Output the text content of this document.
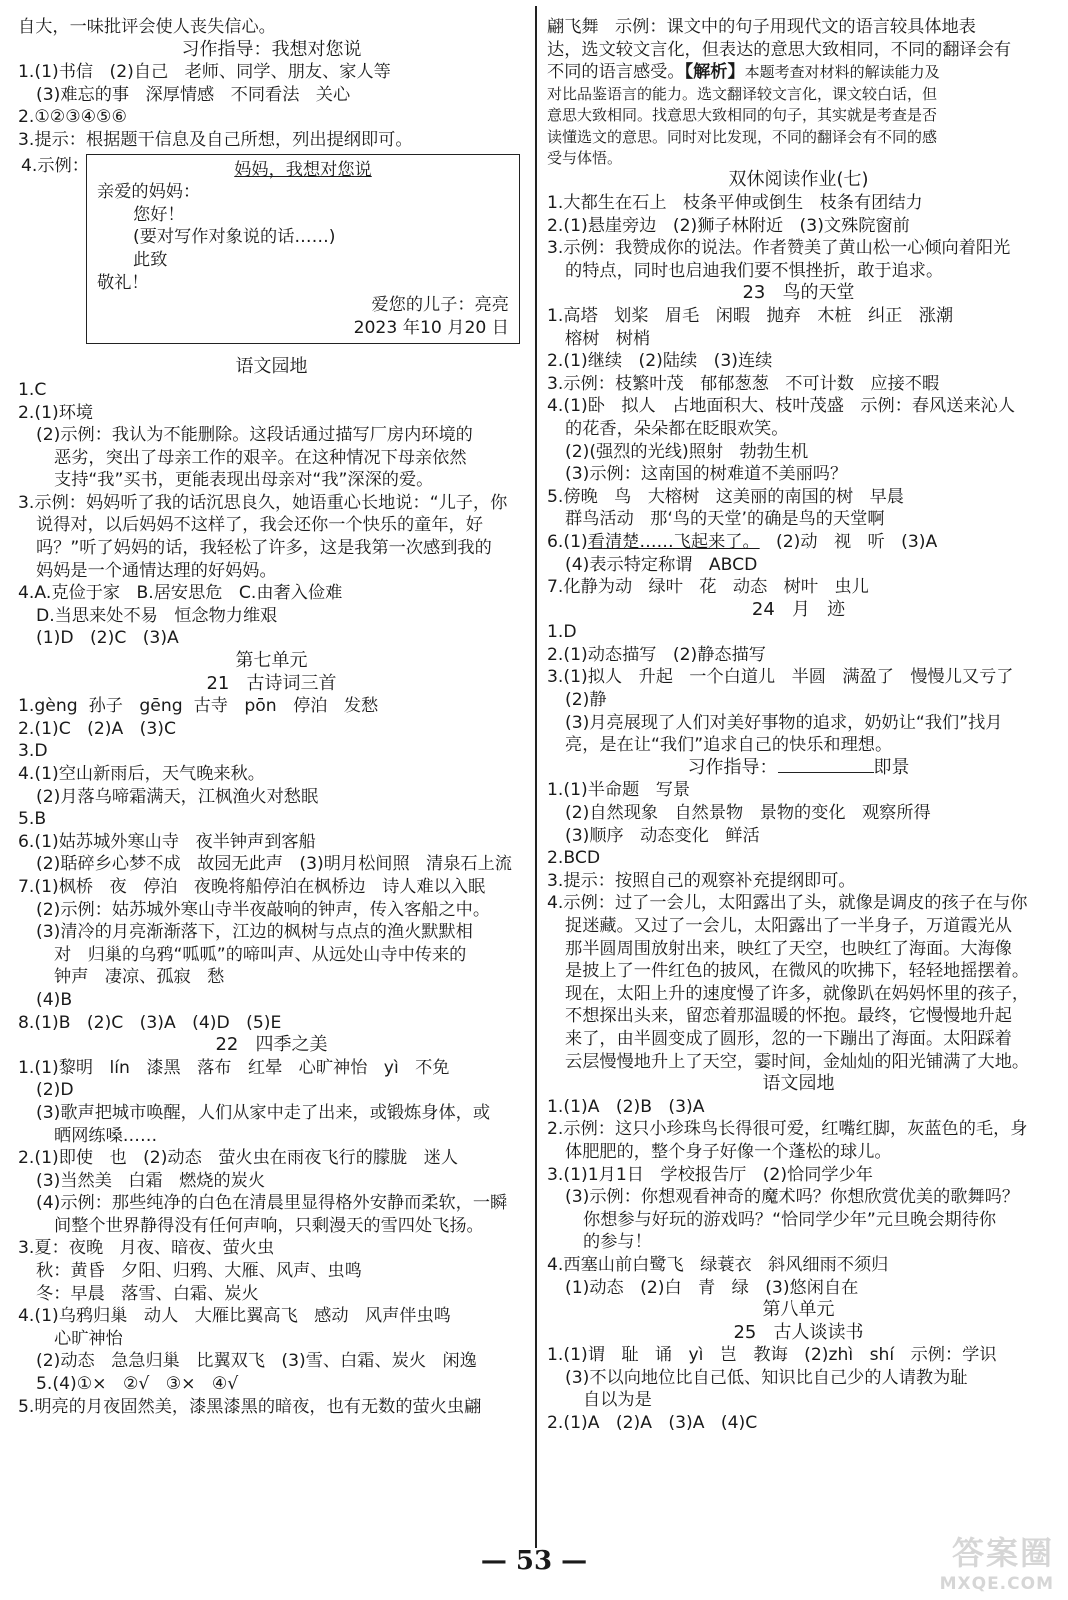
自大，一味批评会使人丧失信心。
习作指导：我想对您说
1.(1)书信   (2)自己   老师、同学、朋友、家人等
(3)难忘的事   深厚情感   不同看法   关心
2.①②③④⑤⑥
3.提示：根据题干信息及自己所想，列出提纲即可。
4.示例：	妈妈，我想对您说
亲爱的妈妈：
您好！
(要对写作对象说的话……)
此致
敬礼！
爱您的儿子：亮亮
2023 年10 月20 日
语文园地
1.C
2.(1)环境
(2)示例：我认为不能删除。这段话通过描写厂房内环境的
恶劣，突出了母亲工作的艰辛。在这种情况下母亲依然
支持“我”买书，更能表现出母亲对“我”深深的爱。
3.示例：妈妈听了我的话沉思良久，她语重心长地说：“儿子，你
说得对，以后妈妈不这样了，我会还你一个快乐的童年，好
吗？”听了妈妈的话，我轻松了许多，这是我第一次感到我的
妈妈是一个通情达理的好妈妈。
4.A.克俭于家   B.居安思危   C.由奢入俭难
D.当思来处不易   恒念物力维艰
(1)D   (2)C   (3)A
第七单元
21   古诗词三首
1.gèng  孙子   gēng  古寺   pōn   停泊   发愁
2.(1)C   (2)A   (3)C
3.D
4.(1)空山新雨后，天气晚来秋。
(2)月落乌啼霜满天，江枫渔火对愁眠
5.B
6.(1)姑苏城外寒山寺   夜半钟声到客船
(2)聒碎乡心梦不成   故园无此声   (3)明月松间照   清泉石上流
7.(1)枫桥   夜   停泊   夜晚将船停泊在枫桥边   诗人难以入眠
(2)示例：姑苏城外寒山寺半夜敲响的钟声，传入客船之中。
(3)清冷的月亮渐渐落下，江边的枫树与点点的渔火默默相
对   归巢的乌鸦“呱呱”的啼叫声、从远处山寺中传来的
钟声   凄凉、孤寂   愁
(4)B
8.(1)B   (2)C   (3)A   (4)D   (5)E
22   四季之美
1.(1)黎明   lín   漆黑   落布   红晕   心旷神怡   yì   不免
(2)D
(3)歌声把城市唤醒，人们从家中走了出来，或锻炼身体，或
晒网练嗓……
2.(1)即使   也   (2)动态   萤火虫在雨夜飞行的朦胧   迷人
(3)当然美   白霜   燃烧的炭火
(4)示例：那些纯净的白色在清晨里显得格外安静而柔软，一瞬
间整个世界静得没有任何声响，只剩漫天的雪四处飞扬。
3.夏：夜晚   月夜、暗夜、萤火虫
秋：黄昏   夕阳、归鸦、大雁、风声、虫鸣
冬：早晨   落雪、白霜、炭火
4.(1)乌鸦归巢   动人   大雁比翼高飞   感动   风声伴虫鸣
心旷神怡
(2)动态   急急归巢   比翼双飞   (3)雪、白霜、炭火   闲逸
5.(4)①×   ②√   ③×   ④√
5.明亮的月夜固然美，漆黑漆黑的暗夜，也有无数的萤火虫翩
翩飞舞   示例：课文中的句子用现代文的语言较具体地表
达，选文较文言化，但表达的意思大致相同，不同的翻译会有
不同的语言感受。【解析】本题考查对材料的解读能力及
对比品鉴语言的能力。选文翻译较文言化，课文较白话，但
意思大致相同。找意思大致相同的句子，其实就是考查是否
读懂选文的意思。同时对比发现，不同的翻译会有不同的感
受与体悟。
双休阅读作业(七)
1.大都生在石上   枝条平伸或倒生   枝条有团结力
2.(1)悬崖旁边   (2)狮子林附近   (3)文殊院窗前
3.示例：我赞成你的说法。作者赞美了黄山松一心倾向着阳光
的特点，同时也启迪我们要不惧挫折，敢于追求。
23   鸟的天堂
1.高塔   划桨   眉毛   闲暇   抛弃   木桩   纠正   涨潮
榕树   树梢
2.(1)继续   (2)陆续   (3)连续
3.示例：枝繁叶茂   郁郁葱葱   不可计数   应接不暇
4.(1)卧   拟人   占地面积大、枝叶茂盛   示例：春风送来沁人
的花香，朵朵都在眨眼欢笑。
(2)(强烈的光线)照射   勃勃生机
(3)示例：这南国的树难道不美丽吗？
5.傍晚   鸟   大榕树   这美丽的南国的树   早晨
群鸟活动   那‘鸟的天堂’的确是鸟的天堂啊
6.(1)看清楚……飞起来了。   (2)动   视   听   (3)A
(4)表示特定称谓   ABCD
7.化静为动   绿叶   花   动态   树叶   虫儿
24   月   迹
1.D
2.(1)动态描写   (2)静态描写
3.(1)拟人   升起   一个白道儿   半圆   满盈了   慢慢儿又亏了
(2)静
(3)月亮展现了人们对美好事物的追求，奶奶让“我们”找月
亮，是在让“我们”追求自己的快乐和理想。
习作指导：	即景
1.(1)半命题   写景
(2)自然现象   自然景物   景物的变化   观察所得
(3)顺序   动态变化   鲜活
2.BCD
3.提示：按照自己的观察补充提纲即可。
4.示例：过了一会儿，太阳露出了头，就像是调皮的孩子在与你
捉迷藏。又过了一会儿，太阳露出了一半身子，万道霞光从
那半圆周围放射出来，映红了天空，也映红了海面。大海像
是披上了一件红色的披风，在微风的吹拂下，轻轻地摇摆着。
现在，太阳上升的速度慢了许多，就像趴在妈妈怀里的孩子，
不想探出头来，留恋着那温暖的怀抱。最终，它慢慢地升起
来了，由半圆变成了圆形，忽的一下蹦出了海面。太阳踩着
云层慢慢地升上了天空，霎时间，金灿灿的阳光铺满了大地。
语文园地
1.(1)A   (2)B   (3)A
2.示例：这只小珍珠鸟长得很可爱，红嘴红脚，灰蓝色的毛，身
体肥肥的，整个身子好像一个蓬松的球儿。
3.(1)1月1日   学校报告厅   (2)恰同学少年
(3)示例：你想观看神奇的魔术吗？你想欣赏优美的歌舞吗？
你想参与好玩的游戏吗？“恰同学少年”元旦晚会期待你
的参与！
4.西塞山前白鹭飞   绿蓑衣   斜风细雨不须归
(1)动态   (2)白   青   绿   (3)悠闲自在
第八单元
25   古人谈读书
1.(1)谓   耻   诵   yì   岂   教诲   (2)zhì   shí   示例：学识
(3)不以向地位比自己低、知识比自己少的人请教为耻
自以为是
2.(1)A   (2)A   (3)A   (4)C
— 53 —	答案圈
MXQE.COM
